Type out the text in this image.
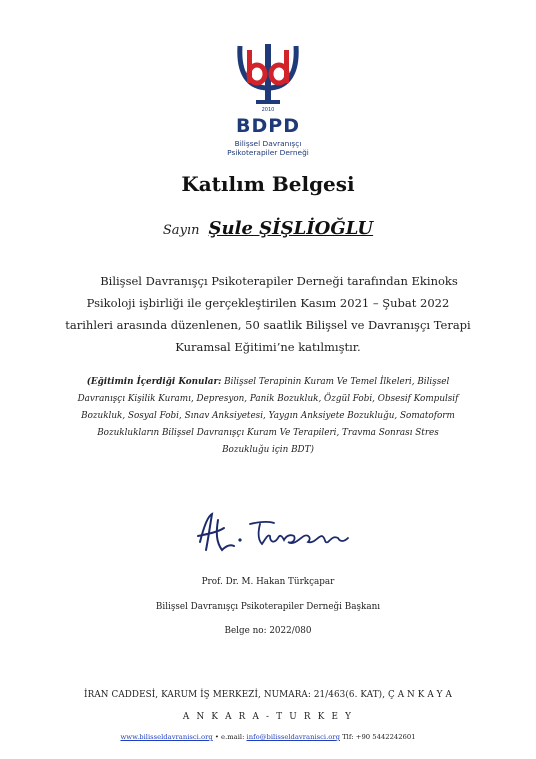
2010
BDPD
Bilişsel Davranışçı
Psikoterapiler Derneği
Katılım Belgesi
Sayın Şule ŞİŞLİOĞLU
Bilişsel Davranışçı Psikoterapiler Derneği tarafından Ekinoks
Psikoloji işbirliği ile gerçekleştirilen Kasım 2021 – Şubat 2022
tarihleri arasında düzenlenen, 50 saatlik Bilişsel ve Davranışçı Terapi
Kuramsal Eğitimi’ne katılmıştır.
(Eğitimin İçerdiği Konular: Bilişsel Terapinin Kuram Ve Temel İlkeleri, Bilişsel
Davranışçı Kişilik Kuramı, Depresyon, Panik Bozukluk, Özgül Fobi, Obsesif Kompulsif
Bozukluk, Sosyal Fobi, Sınav Anksiyetesi, Yaygın Anksiyete Bozukluğu, Somatoform
Bozuklukların Bilişsel Davranışçı Kuram Ve Terapileri, Travma Sonrası Stres
Bozukluğu için BDT)
Prof. Dr. M. Hakan Türkçapar
Bilişsel Davranışçı Psikoterapiler Derneği Başkanı
Belge no: 2022/080
İRAN CADDESİ, KARUM İŞ MERKEZİ, NUMARA: 21/463(6. KAT), Ç A N K A Y A
A N K A R A - T U R K E Y
www.bilisseldavranisci.org • e.mail: info@bilisseldavranisci.org Tlf: +90 5442242601
